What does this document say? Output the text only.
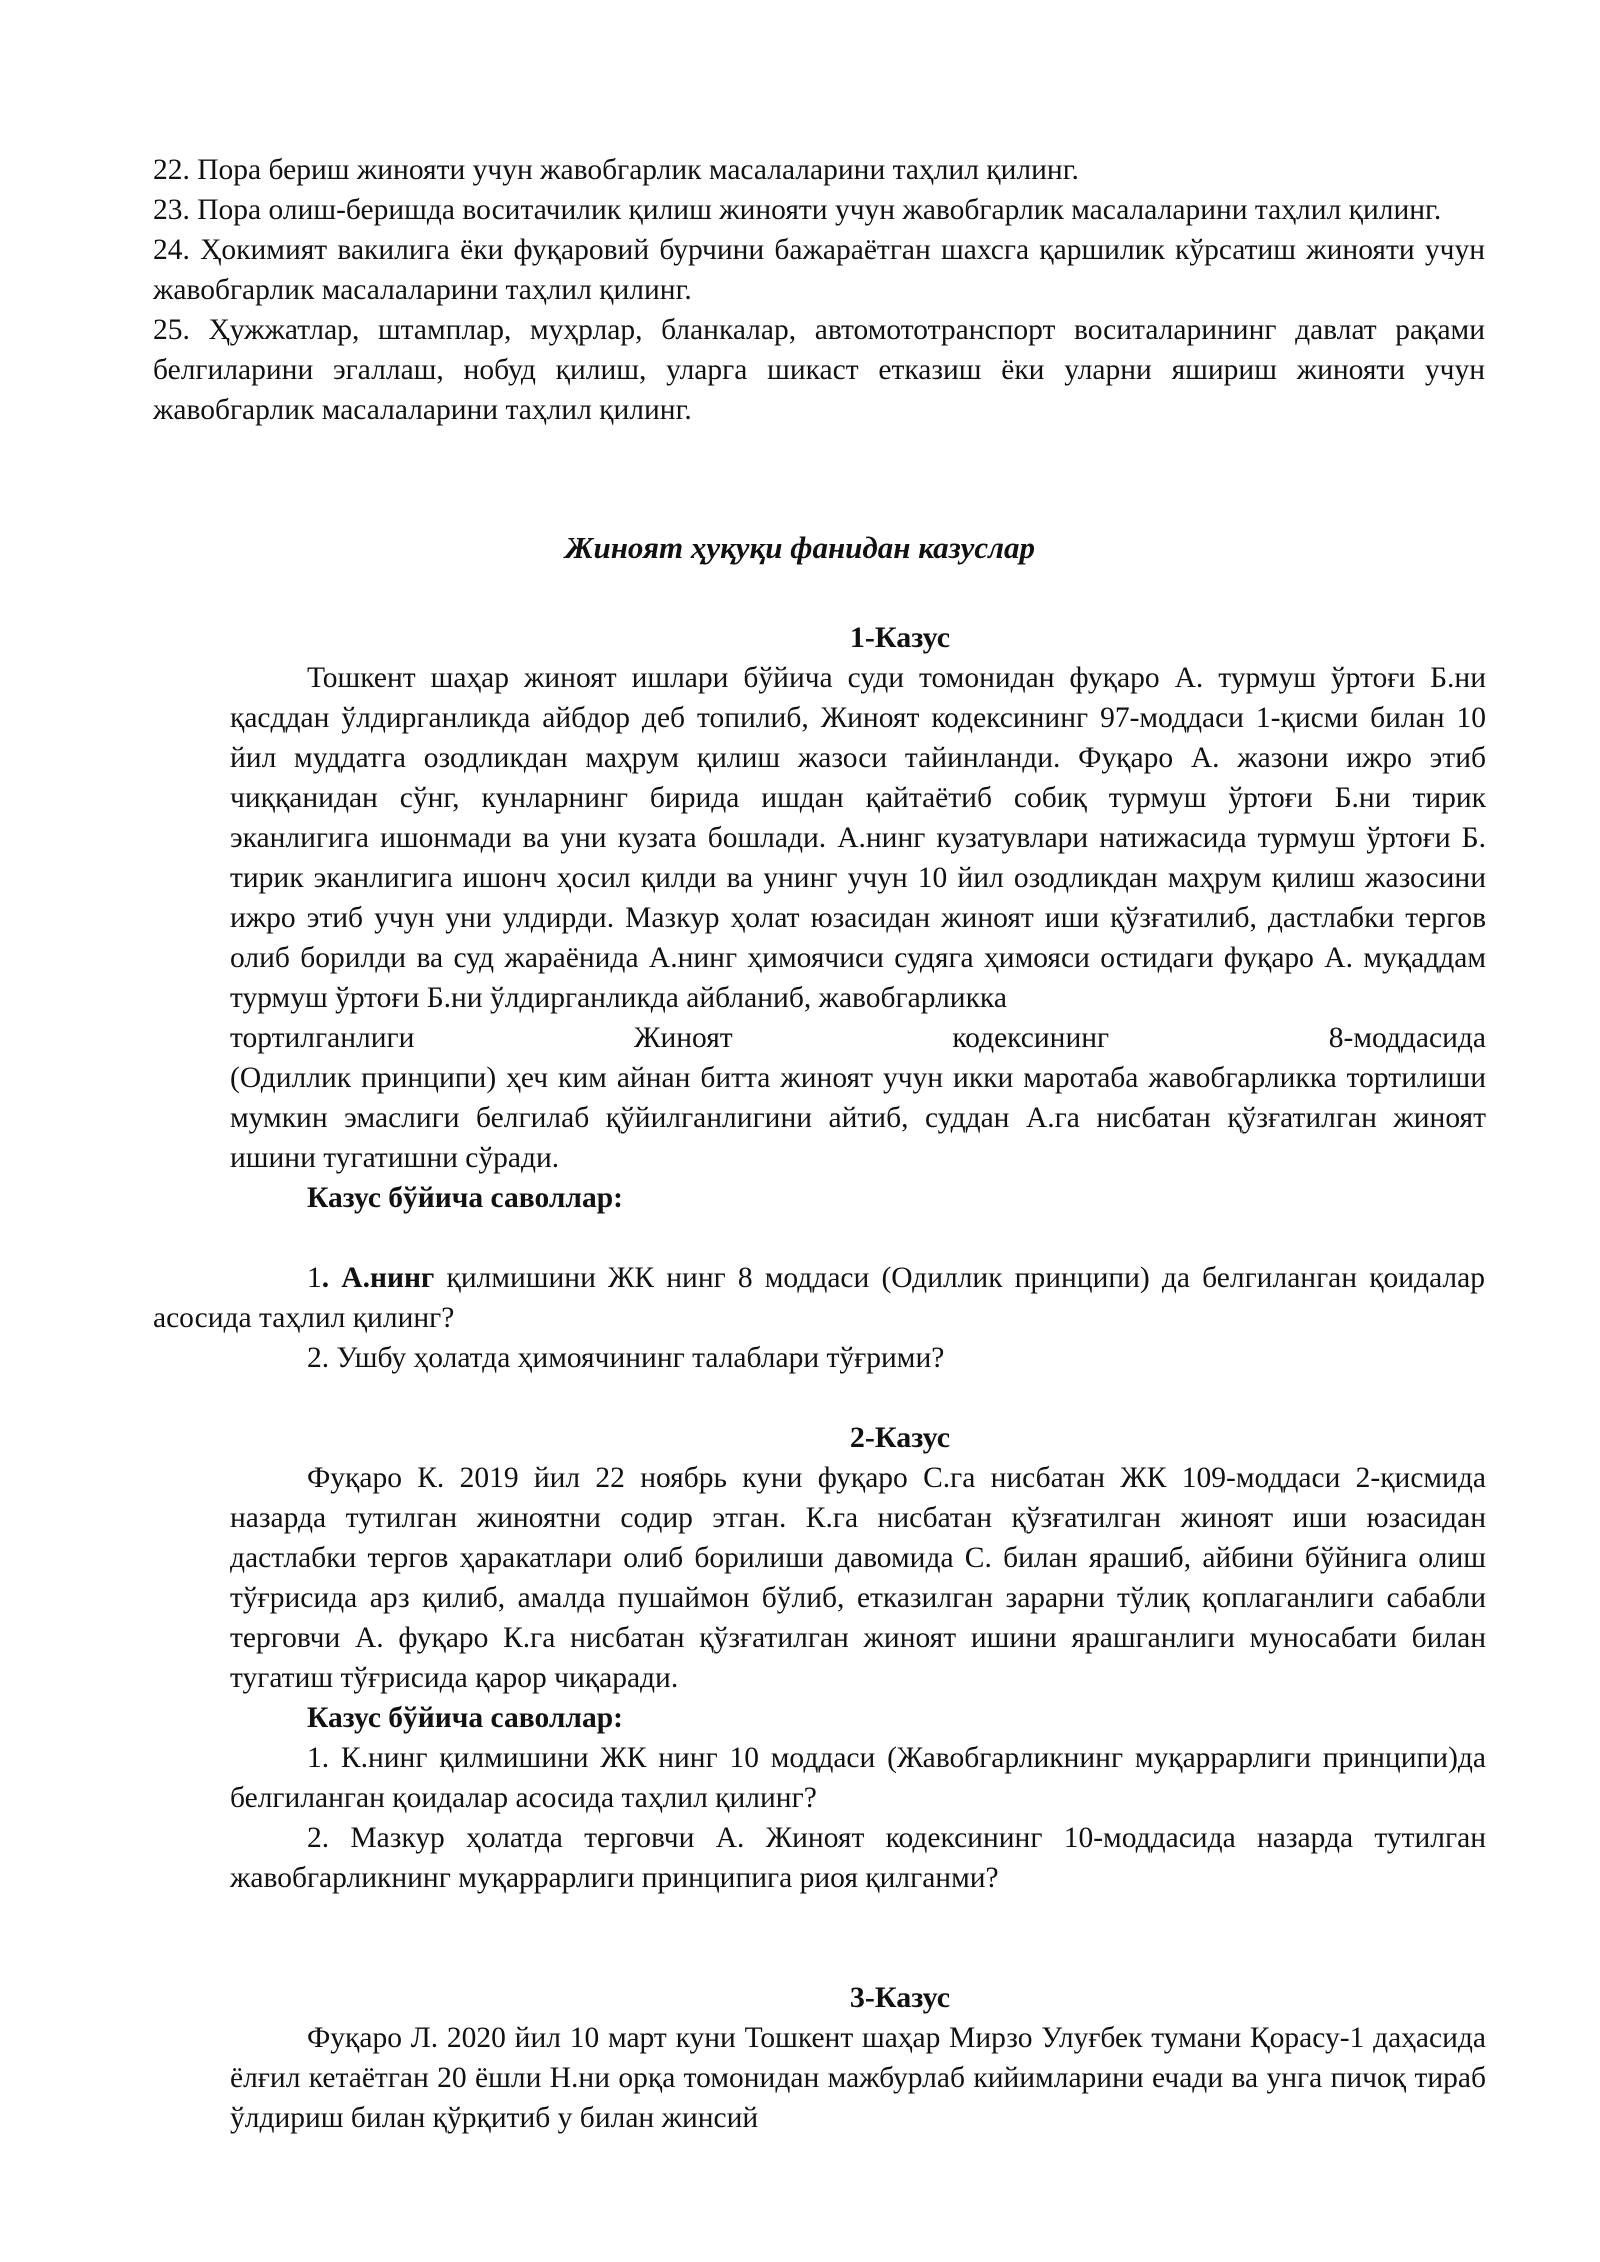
22. Пора бериш жинояти учун жавобгарлик масалаларини таҳлил қилинг.

23. Пора олиш-беришда воситачилик қилиш жинояти учун жавобгарлик масалаларини таҳлил қилинг.

24. Ҳокимият вакилига ёки фуқаровий бурчини бажараётган шахсга қаршилик кўрсатиш жинояти учун жавобгарлик масалаларини таҳлил қилинг.

25. Ҳужжатлар, штамплар, муҳрлар, бланкалар, автомототранспорт воситаларининг давлат рақами белгиларини эгаллаш, нобуд қилиш, уларга шикаст етказиш ёки уларни яшириш жинояти учун жавобгарлик масалаларини таҳлил қилинг.

Жиноят ҳуқуқи фанидан казуслар
1-Казус

Тошкент шаҳар жиноят ишлари бўйича суди томонидан фуқаро А. турмуш ўртоғи Б.ни қасддан ўлдирганликда айбдор деб топилиб, Жиноят кодексининг 97-моддаси 1-қисми билан 10 йил муддатга озодликдан маҳрум қилиш жазоси тайинланди. Фуқаро А. жазони ижро этиб чиққанидан сўнг, кунларнинг бирида ишдан қайтаётиб собиқ турмуш ўртоғи Б.ни тирик эканлигига ишонмади ва уни кузата бошлади. А.нинг кузатувлари натижасида турмуш ўртоғи Б. тирик эканлигига ишонч ҳосил қилди ва унинг учун 10 йил озодликдан маҳрум қилиш жазосини ижро этиб учун уни улдирди. Мазкур ҳолат юзасидан жиноят иши қўзғатилиб, дастлабки тергов олиб борилди ва суд жараёнида А.нинг ҳимоячиси судяга ҳимояси остидаги фуқаро А. муқаддам турмуш ўртоғи Б.ни ўлдирганликда айбланиб, жавобгарликка

тортилганлиги Жиноят кодексининг 8-моддасида

(Одиллик принципи) ҳеч ким айнан битта жиноят учун икки маротаба жавобгарликка тортилиши мумкин эмаслиги белгилаб қўйилганлигини айтиб, суддан А.га нисбатан қўзғатилган жиноят ишини тугатишни сўради.

Казус бўйича саволлар:

1. А.нинг қилмишини ЖК нинг 8 моддаси (Одиллик принципи) да белгиланган қоидалар асосида таҳлил қилинг?

2. Ушбу ҳолатда ҳимоячининг талаблари тўғрими?

2-Казус

Фуқаро К. 2019 йил 22 ноябрь куни фуқаро С.га нисбатан ЖК 109-моддаси 2-қисмида назарда тутилган жиноятни содир этган. К.га нисбатан қўзғатилган жиноят иши юзасидан дастлабки тергов ҳаракатлари олиб борилиши давомида С. билан ярашиб, айбини бўйнига олиш тўғрисида арз қилиб, амалда пушаймон бўлиб, етказилган зарарни тўлиқ қоплаганлиги сабабли терговчи А. фуқаро К.га нисбатан қўзғатилган жиноят ишини ярашганлиги муносабати билан тугатиш тўғрисида қарор чиқаради.

Казус бўйича саволлар:

1. К.нинг қилмишини ЖК нинг 10 моддаси (Жавобгарликнинг муқаррарлиги принципи)да белгиланган қоидалар асосида таҳлил қилинг?

2. Мазкур ҳолатда терговчи А. Жиноят кодексининг 10-моддасида назарда тутилган жавобгарликнинг муқаррарлиги принципига риоя қилганми?

3-Казус

Фуқаро Л. 2020 йил 10 март куни Тошкент шаҳар Мирзо Улуғбек тумани Қорасу-1 даҳасида ёлғил кетаётган 20 ёшли Н.ни орқа томонидан мажбурлаб кийимларини ечади ва унга пичоқ тираб ўлдириш билан қўрқитиб у билан жинсий
